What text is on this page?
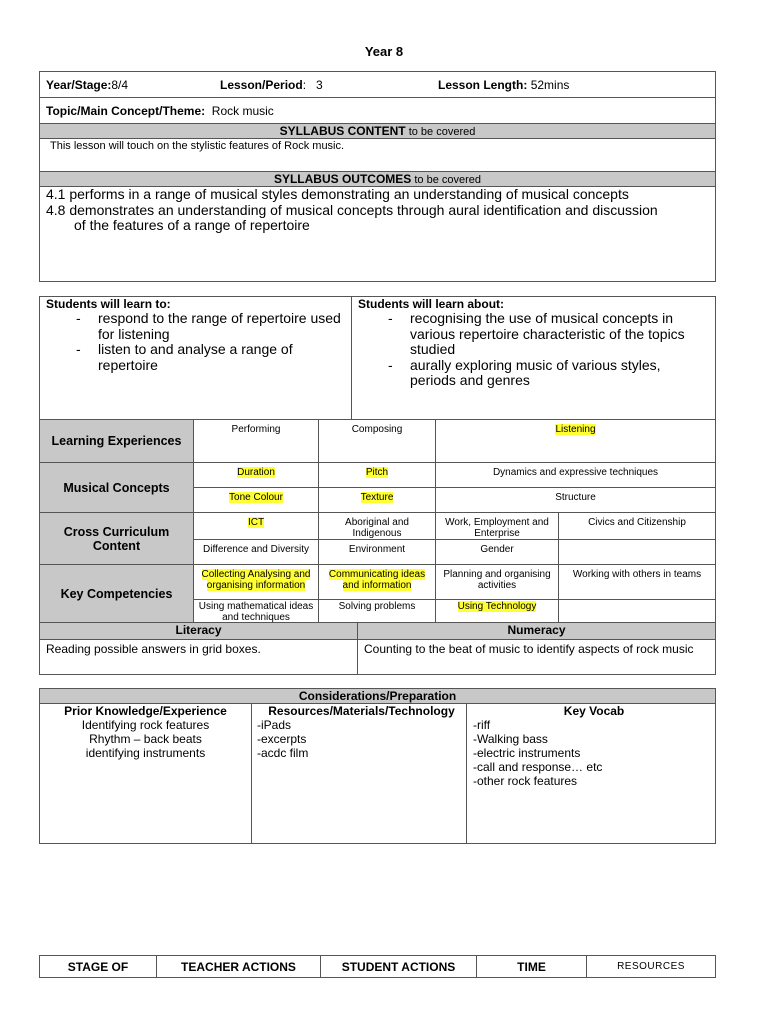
Year 8
Year/Stage:8/4	Lesson/Period:   3	Lesson Length: 52mins
Topic/Main Concept/Theme: Rock music
SYLLABUS CONTENT to be covered
This lesson will touch on the stylistic features of Rock music.
SYLLABUS OUTCOMES to be covered

4.1 performs in a range of musical styles demonstrating an understanding of musical concepts
4.8 demonstrates an understanding of musical concepts through aural identification and discussion
of the features of a range of repertoire
Students will learn to:
- respond to the range of repertoire used for listening
- listen to and analyse a range of repertoire

Students will learn about:
- recognising the use of musical concepts in various repertoire characteristic of the topics studied
- aurally exploring music of various styles, periods and genres
Learning Experiences	Performing	Composing	Listening	
Musical Concepts	Duration	Pitch	Dynamics and expressive techniques	
	Tone Colour	Texture	Structure	
Cross Curriculum Content	ICT	Aboriginal and Indigenous	Work, Employment and Enterprise	Civics and Citizenship
	Difference and Diversity	Environment	Gender	
Key Competencies	Collecting Analysing and organising information	Communicating ideas and information	Planning and organising activities	Working with others in teams
	Using mathematical ideas and techniques	Solving problems	Using Technology	
Literacy	Numeracy
Reading possible answers in grid boxes.	Counting to the beat of music to identify aspects of rock music
Considerations/Preparation

Prior Knowledge/Experience
Identifying rock features
Rhythm – back beats
identifying instruments

Resources/Materials/Technology
-iPads
-excerpts
-acdc film

Key Vocab
-riff
-Walking bass
-electric instruments
-call and response… etc
-other rock features
STAGE OF	TEACHER ACTIONS	STUDENT ACTIONS	TIME	RESOURCES
